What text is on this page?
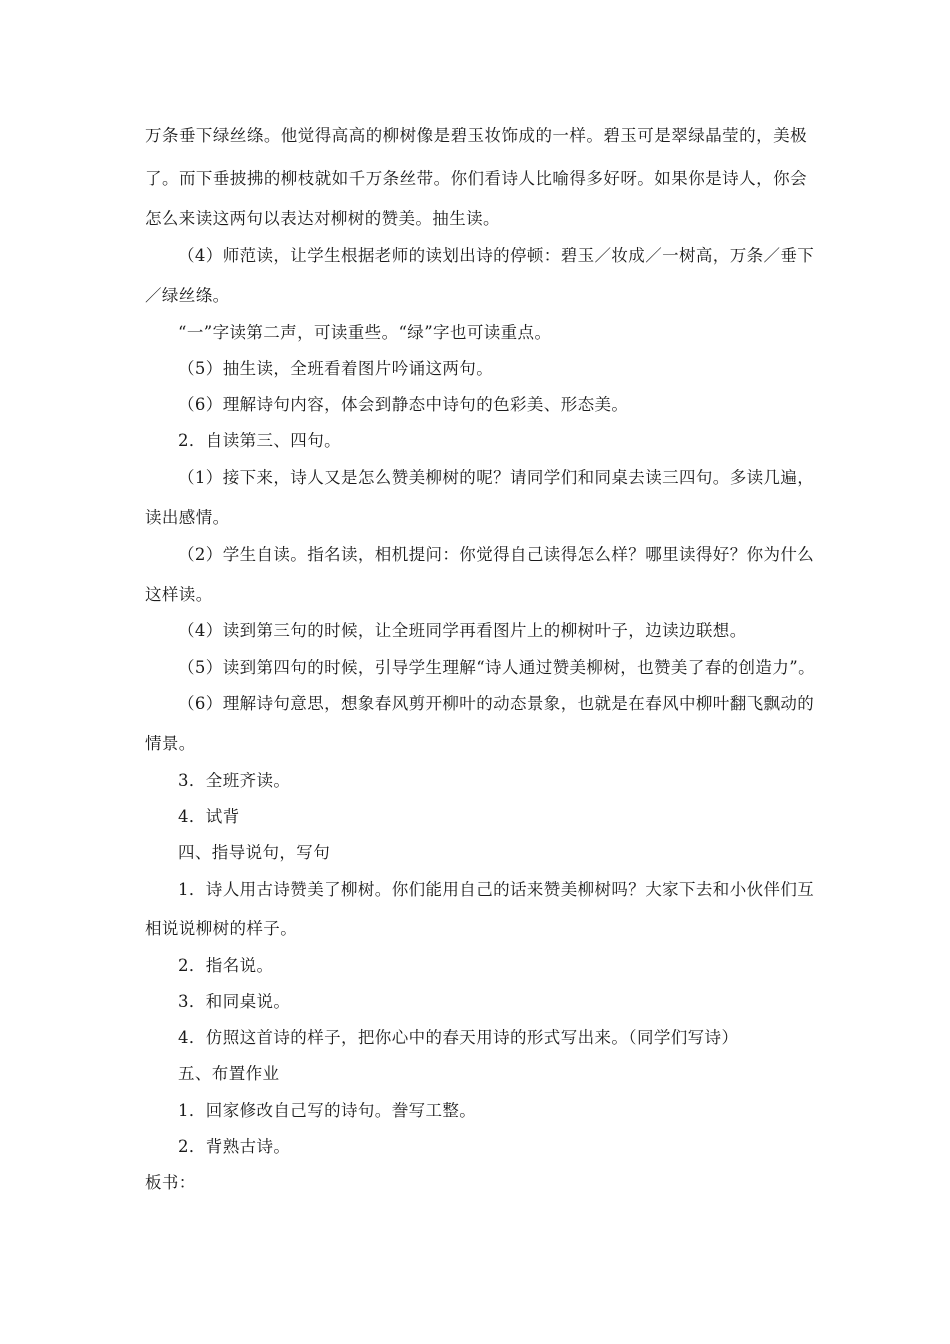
万条垂下绿丝绦。他觉得高高的柳树像是碧玉妆饰成的一样。碧玉可是翠绿晶莹的，美极
了。而下垂披拂的柳枝就如千万条丝带。你们看诗人比喻得多好呀。如果你是诗人，你会
怎么来读这两句以表达对柳树的赞美。抽生读。
（4）师范读，让学生根据老师的读划出诗的停顿：碧玉／妆成／一树高，万条／垂下
／绿丝绦。
“一”字读第二声，可读重些。“绿”字也可读重点。
（5）抽生读，全班看着图片吟诵这两句。
（6）理解诗句内容，体会到静态中诗句的色彩美、形态美。
2．自读第三、四句。
（1）接下来，诗人又是怎么赞美柳树的呢？请同学们和同桌去读三四句。多读几遍，
读出感情。
（2）学生自读。指名读，相机提问：你觉得自己读得怎么样？哪里读得好？你为什么
这样读。
（4）读到第三句的时候，让全班同学再看图片上的柳树叶子，边读边联想。
（5）读到第四句的时候，引导学生理解“诗人通过赞美柳树，也赞美了春的创造力”。
（6）理解诗句意思，想象春风剪开柳叶的动态景象，也就是在春风中柳叶翻飞飘动的
情景。
3．全班齐读。
4．试背
四、指导说句，写句
1．诗人用古诗赞美了柳树。你们能用自己的话来赞美柳树吗？大家下去和小伙伴们互
相说说柳树的样子。
2．指名说。
3．和同桌说。
4．仿照这首诗的样子，把你心中的春天用诗的形式写出来。（同学们写诗）
五、布置作业
1．回家修改自己写的诗句。誊写工整。
2．背熟古诗。
板书：
